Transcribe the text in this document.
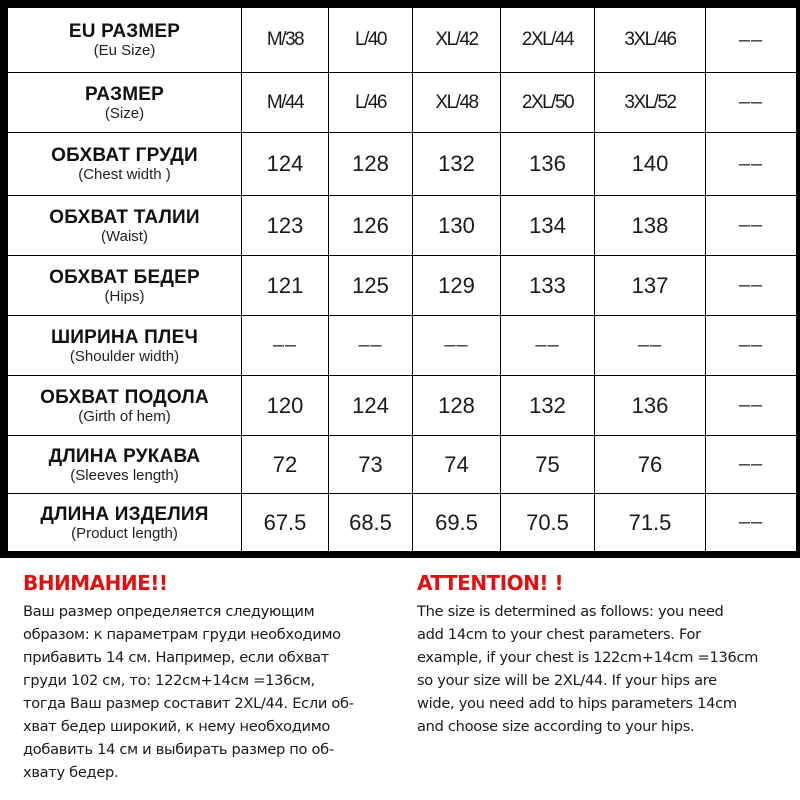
EU РАЗМЕР
(Eu Size)	M/38	L/40	XL/42	2XL/44	3XL/46	––

РАЗМЕР
(Size)	M/44	L/46	XL/48	2XL/50	3XL/52	––

ОБХВАТ ГРУДИ
(Chest width )	124	128	132	136	140	––

ОБХВАТ ТАЛИИ
(Waist)	123	126	130	134	138	––

ОБХВАТ БЕДЕР
(Hips)	121	125	129	133	137	––

ШИРИНА ПЛЕЧ
(Shoulder width)	––	––	––	––	––	––

ОБХВАТ ПОДОЛА
(Girth of hem)	120	124	128	132	136	––

ДЛИНА РУКАВА
(Sleeves length)	72	73	74	75	76	––

ДЛИНА ИЗДЕЛИЯ
(Product length)	67.5	68.5	69.5	70.5	71.5	––
ВНИМАНИЕ!!

Ваш размер определяется следующим
образом: к параметрам груди необходимо
прибавить 14 см. Например, если обхват
груди 102 см, то: 122см+14см =136см,
тогда Ваш размер составит 2XL/44. Если об-
хват бедер широкий, к нему необходимо
добавить 14 см и выбирать размер по об-
хвату бедер.

ATTENTION! !

The size is determined as follows: you need
add 14cm to your chest parameters. For
example, if your chest is 122cm+14cm =136cm
so your size will be 2XL/44. If your hips are
wide, you need add to hips parameters 14cm
and choose size according to your hips.
